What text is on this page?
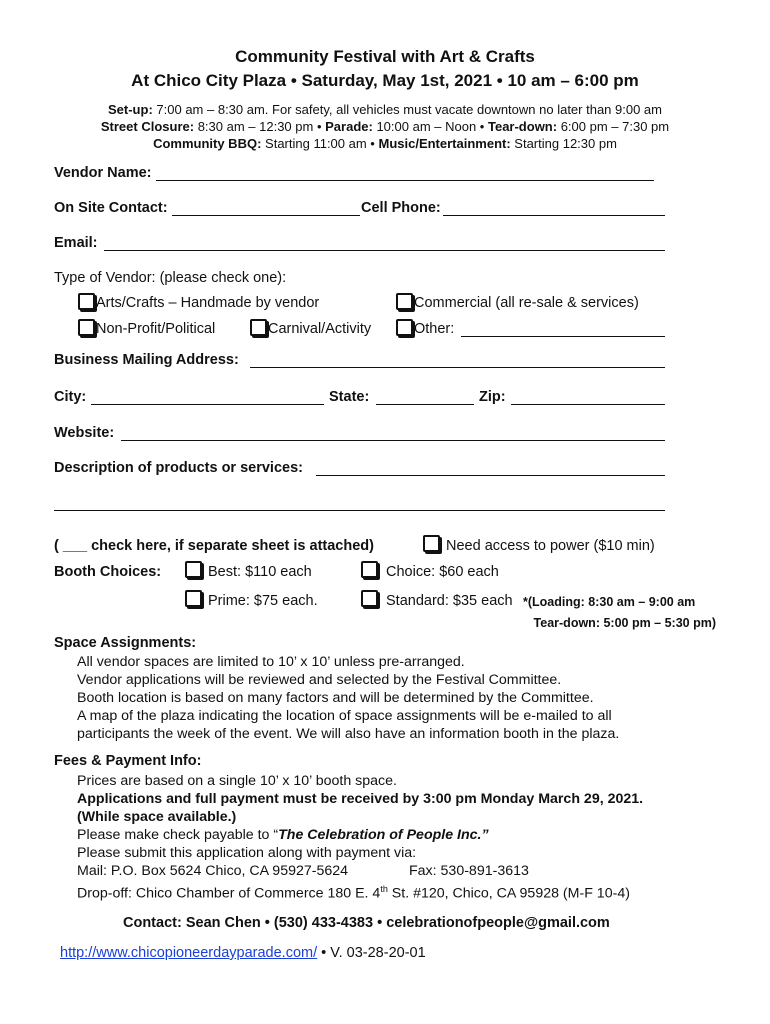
Community Festival with Art & Crafts
At Chico City Plaza • Saturday, May 1st, 2021 • 10 am – 6:00 pm
Set-up: 7:00 am – 8:30 am. For safety, all vehicles must vacate downtown no later than 9:00 am
Street Closure: 8:30 am – 12:30 pm • Parade: 10:00 am – Noon • Tear-down: 6:00 pm – 7:30 pm
Community BBQ: Starting 11:00 am • Music/Entertainment: Starting 12:30 pm
Vendor Name:
On Site Contact:	Cell Phone:
Email:
Type of Vendor: (please check one):
Arts/Crafts – Handmade by vendor	Commercial (all re-sale & services)
Non-Profit/Political	Carnival/Activity	Other:
Business Mailing Address:
City:	State:	Zip:
Website:
Description of products or services:
( ___ check here, if separate sheet is attached)	Need access to power ($10 min)
Booth Choices:	Best: $110 each	Choice: $60 each
Prime: $75 each.	Standard: $35 each *(Loading: 8:30 am – 9:00 am
Tear-down: 5:00 pm – 5:30 pm)
Space Assignments:
All vendor spaces are limited to 10’ x 10’ unless pre-arranged.
Vendor applications will be reviewed and selected by the Festival Committee.
Booth location is based on many factors and will be determined by the Committee.
A map of the plaza indicating the location of space assignments will be e-mailed to all
participants the week of the event. We will also have an information booth in the plaza.
Fees & Payment Info:
Prices are based on a single 10’ x 10’ booth space.
Applications and full payment must be received by 3:00 pm Monday March 29, 2021.
(While space available.)
Please make check payable to “The Celebration of People Inc.”
Please submit this application along with payment via:
Mail: P.O. Box 5624 Chico, CA 95927-5624	Fax: 530-891-3613
Drop-off: Chico Chamber of Commerce 180 E. 4th St. #120, Chico, CA 95928 (M-F 10-4)
Contact: Sean Chen • (530) 433-4383 • celebrationofpeople@gmail.com
http://www.chicopioneerdayparade.com/ • V. 03-28-20-01
